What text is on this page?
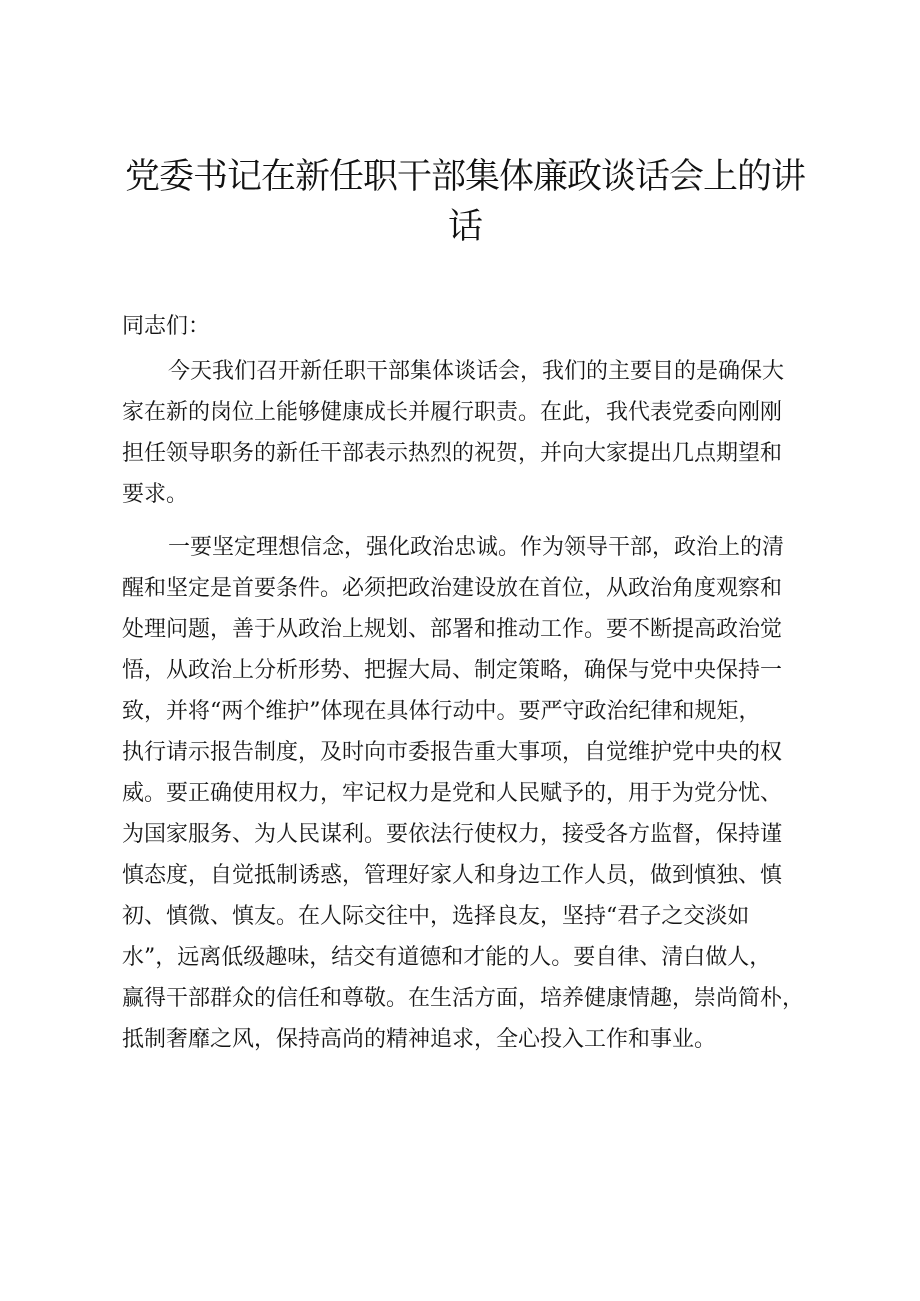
党委书记在新任职干部集体廉政谈话会上的讲
话

同志们：

今天我们召开新任职干部集体谈话会，我们的主要目的是确保大
家在新的岗位上能够健康成长并履行职责。在此，我代表党委向刚刚
担任领导职务的新任干部表示热烈的祝贺，并向大家提出几点期望和
要求。

一要坚定理想信念，强化政治忠诚。作为领导干部，政治上的清
醒和坚定是首要条件。必须把政治建设放在首位，从政治角度观察和
处理问题，善于从政治上规划、部署和推动工作。要不断提高政治觉
悟，从政治上分析形势、把握大局、制定策略，确保与党中央保持一
致，并将“两个维护”体现在具体行动中。要严守政治纪律和规矩，
执行请示报告制度，及时向市委报告重大事项，自觉维护党中央的权
威。要正确使用权力，牢记权力是党和人民赋予的，用于为党分忧、
为国家服务、为人民谋利。要依法行使权力，接受各方监督，保持谨
慎态度，自觉抵制诱惑，管理好家人和身边工作人员，做到慎独、慎
初、慎微、慎友。在人际交往中，选择良友，坚持“君子之交淡如
水”，远离低级趣味，结交有道德和才能的人。要自律、清白做人，
赢得干部群众的信任和尊敬。在生活方面，培养健康情趣，崇尚简朴，
抵制奢靡之风，保持高尚的精神追求，全心投入工作和事业。
